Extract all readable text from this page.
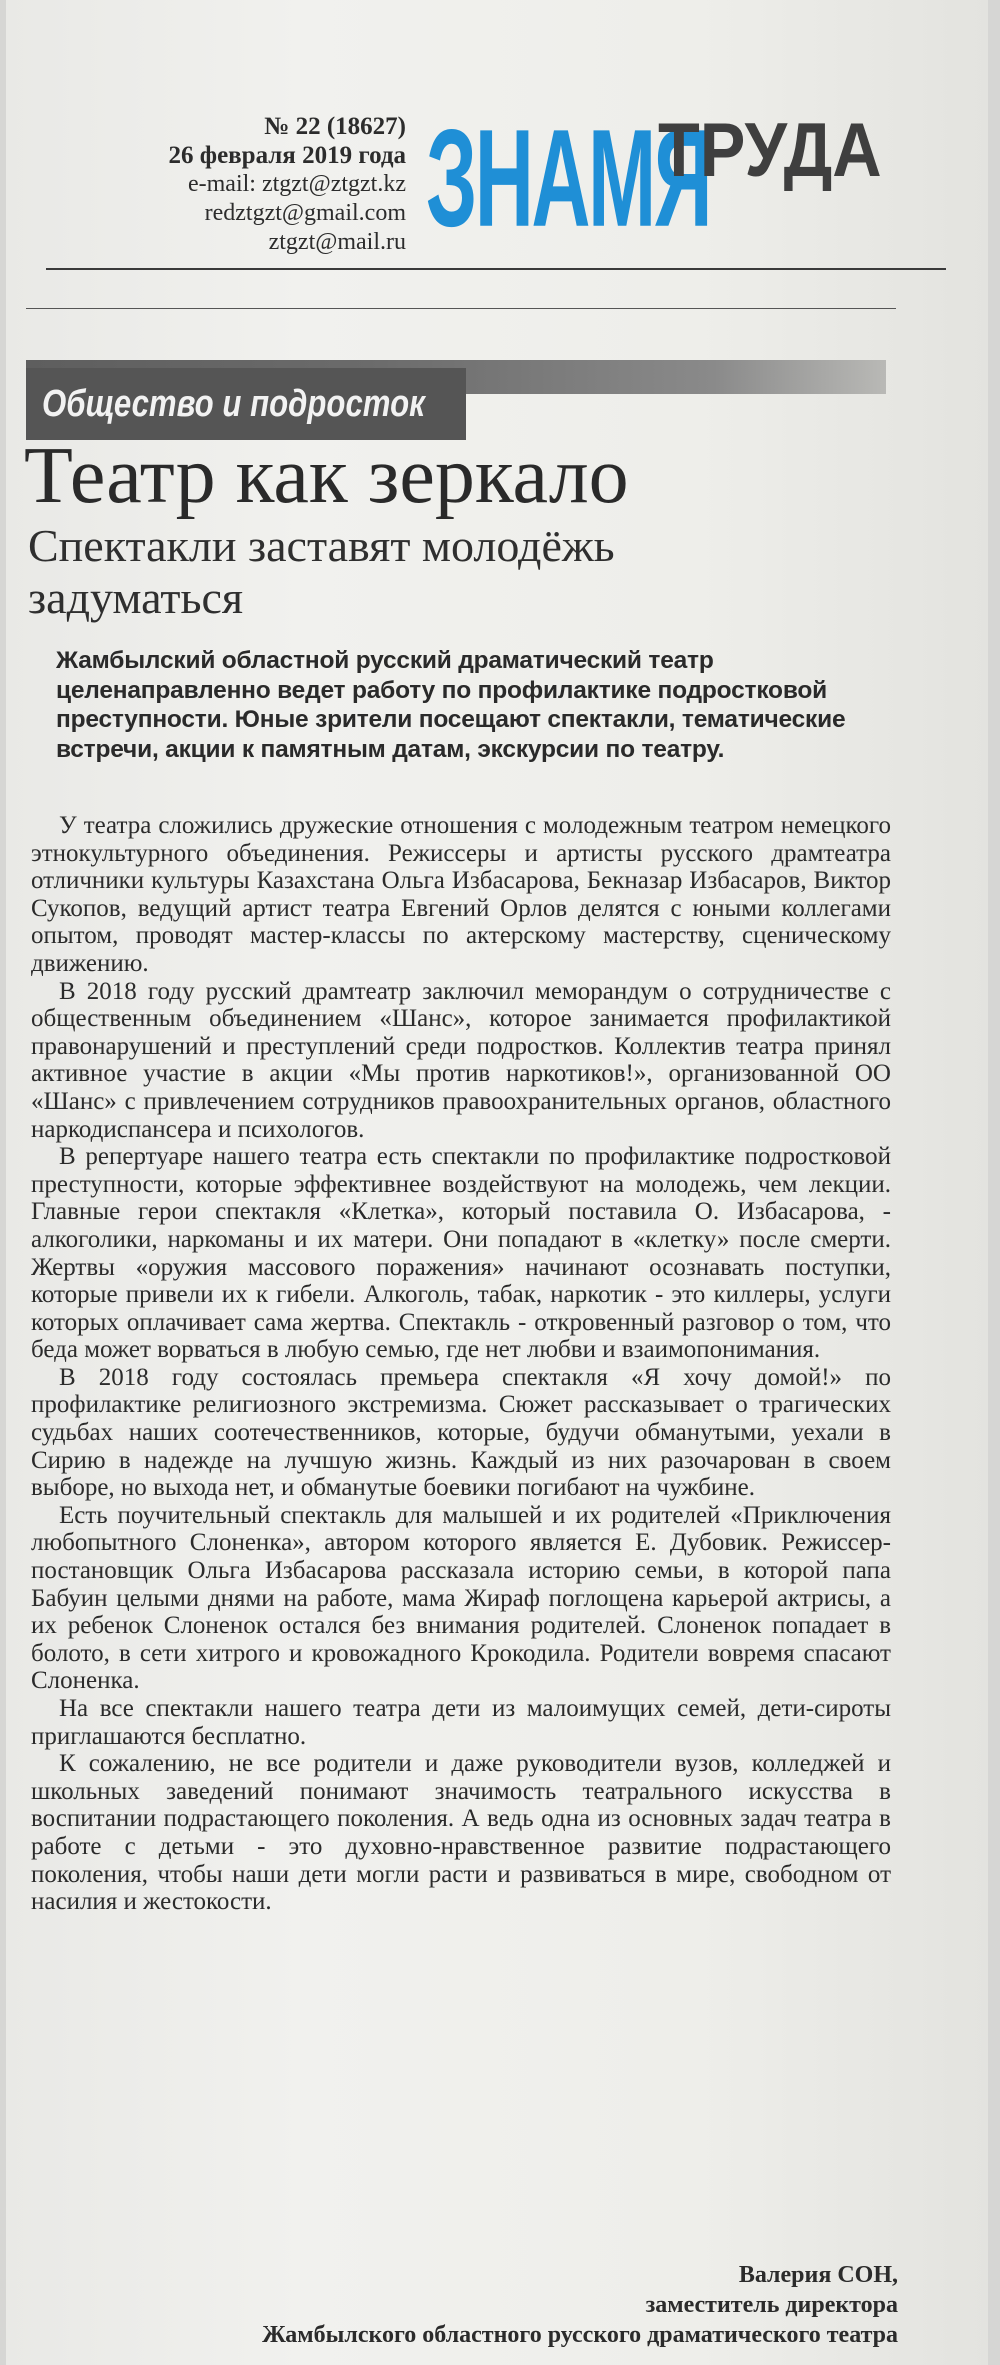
№ 22 (18627)
26 февраля 2019 года
e-mail: ztgzt@ztgzt.kz
redztgzt@gmail.com
ztgzt@mail.ru ЗНАМЯ
ТРУДА
Общество и подросток
Театр как зеркало
Спектакли заставят молодёжь задуматься
Жамбылский областной русский драматический театр целенаправленно ведет работу по профилактике подростковой преступности. Юные зрители посещают спектакли, тематические встречи, акции к памятным датам, экскурсии по театру.

У театра сложились дружеские отношения с молодежным театром немецкого этнокультурного объединения. Режиссеры и артисты русского драмтеатра отличники культуры Казахстана Ольга Избасарова, Бекназар Избасаров, Виктор Сукопов, ведущий артист театра Евгений Орлов делятся с юными коллегами опытом, проводят мастер-классы по актерскому мастерству, сценическому движению.

В 2018 году русский драмтеатр заключил меморандум о сотрудничестве с общественным объединением «Шанс», которое занимается профилактикой правонарушений и преступлений среди подростков. Коллектив театра принял активное участие в акции «Мы против наркотиков!», организованной ОО «Шанс» с привлечением сотрудников правоохранительных органов, областного наркодиспансера и психологов.

В репертуаре нашего театра есть спектакли по профилактике подростковой преступности, которые эффективнее воздействуют на молодежь, чем лекции. Главные герои спектакля «Клетка», который поставила О. Избасарова, - алкоголики, наркоманы и их матери. Они попадают в «клетку» после смерти. Жертвы «оружия массового поражения» начинают осознавать поступки, которые привели их к гибели. Алкоголь, табак, наркотик - это киллеры, услуги которых оплачивает сама жертва. Спектакль - откровенный разговор о том, что беда может ворваться в любую семью, где нет любви и взаимопонимания.

В 2018 году состоялась премьера спектакля «Я хочу домой!» по профилактике религиозного экстремизма. Сюжет рассказывает о трагических судьбах наших соотечественников, которые, будучи обманутыми, уехали в Сирию в надежде на лучшую жизнь. Каждый из них разочарован в своем выборе, но выхода нет, и обманутые боевики погибают на чужбине.

Есть поучительный спектакль для малышей и их родителей «Приключения любопытного Слоненка», автором которого является Е. Дубовик. Режиссер-постановщик Ольга Избасарова рассказала историю семьи, в которой папа Бабуин целыми днями на работе, мама Жираф поглощена карьерой актрисы, а их ребенок Слоненок остался без внимания родителей. Слоненок попадает в болото, в сети хитрого и кровожадного Крокодила. Родители вовремя спасают Слоненка.

На все спектакли нашего театра дети из малоимущих семей, дети-сироты приглашаются бесплатно.

К сожалению, не все родители и даже руководители вузов, колледжей и школьных заведений понимают значимость театрального искусства в воспитании подрастающего поколения. А ведь одна из основных задач театра в работе с детьми - это духовно-нравственное развитие подрастающего поколения, чтобы наши дети могли расти и развиваться в мире, свободном от насилия и жестокости.

Валерия СОН,
заместитель директора
Жамбылского областного русского драматического театра
